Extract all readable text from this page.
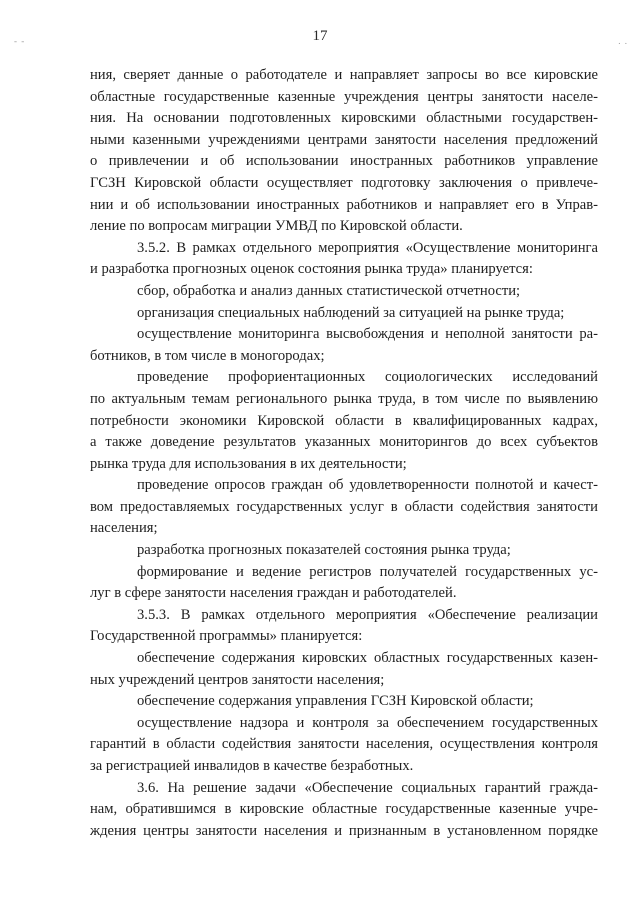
17
- -	. .

ния, сверяет данные о работодателе и направляет запросы во все кировские

областные государственные казенные учреждения центры занятости населе-

ния. На основании подготовленных кировскими областными государствен-

ными казенными учреждениями центрами занятости населения предложений

о привлечении и об использовании иностранных работников управление

ГСЗН Кировской области осуществляет подготовку заключения о привлече-

нии и об использовании иностранных работников и направляет его в Управ-

ление по вопросам миграции УМВД по Кировской области.

3.5.2. В рамках отдельного мероприятия «Осуществление мониторинга

и разработка прогнозных оценок состояния рынка труда» планируется:

сбор, обработка и анализ данных статистической отчетности;

организация специальных наблюдений за ситуацией на рынке труда;

осуществление мониторинга высвобождения и неполной занятости ра-

ботников, в том числе в моногородах;

проведение профориентационных социологических исследований

по актуальным темам регионального рынка труда, в том числе по выявлению

потребности экономики Кировской области в квалифицированных кадрах,

а также доведение результатов указанных мониторингов до всех субъектов

рынка труда для использования в их деятельности;

проведение опросов граждан об удовлетворенности полнотой и качест-

вом предоставляемых государственных услуг в области содействия занятости

населения;

разработка прогнозных показателей состояния рынка труда;

формирование и ведение регистров получателей государственных ус-

луг в сфере занятости населения граждан и работодателей.

3.5.3. В рамках отдельного мероприятия «Обеспечение реализации

Государственной программы» планируется:

обеспечение содержания кировских областных государственных казен-

ных учреждений центров занятости населения;

обеспечение содержания управления ГСЗН Кировской области;

осуществление надзора и контроля за обеспечением государственных

гарантий в области содействия занятости населения, осуществления контроля

за регистрацией инвалидов в качестве безработных.

3.6. На решение задачи «Обеспечение социальных гарантий гражда-

нам, обратившимся в кировские областные государственные казенные учре-

ждения центры занятости населения и признанным в установленном порядке
